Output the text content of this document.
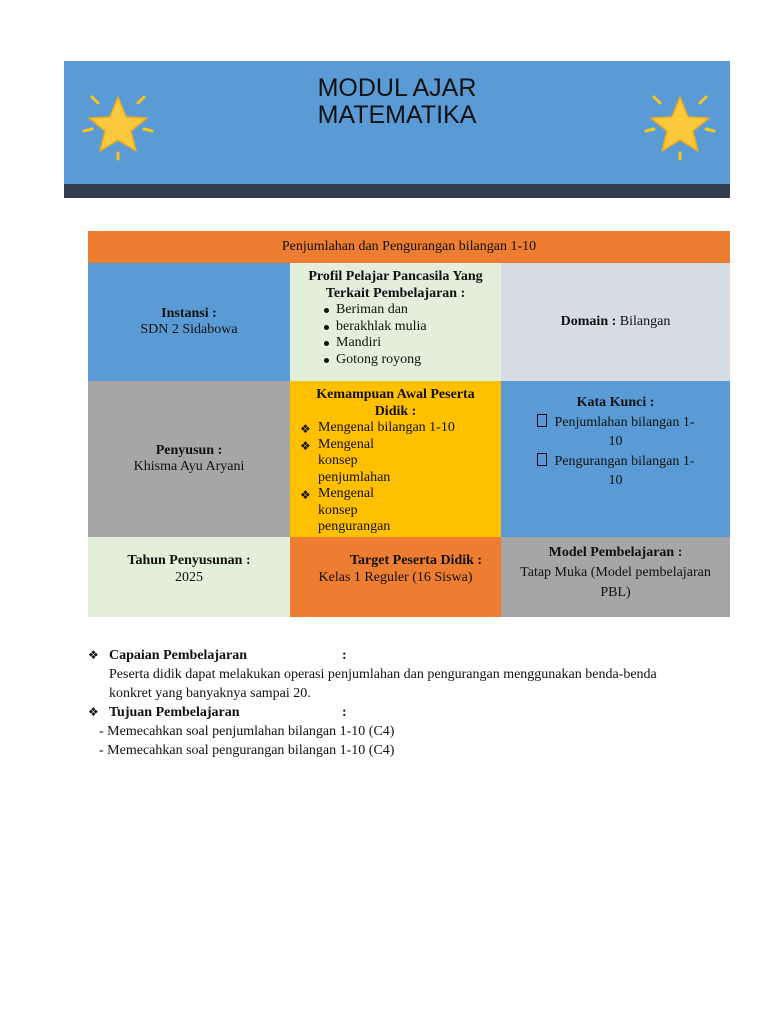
MODUL AJAR
MATEMATIKA
Penjumlahan dan Pengurangan bilangan 1-10
Instansi :
SDN 2 Sidabowa
Profil Pelajar Pancasila Yang
Terkait Pembelajaran :
Beriman dan
berakhlak mulia
Mandiri
Gotong royong
Domain : Bilangan
Penyusun :
Khisma Ayu Aryani
Kemampuan Awal Peserta
Didik :
❖ Mengenal bilangan 1-10
❖ Mengenal
konsep
penjumlahan
❖ Mengenal
konsep
pengurangan
Kata Kunci :
Penjumlahan bilangan 1-
10
Pengurangan bilangan 1-
10
Tahun Penyusunan :
2025
Target Peserta Didik :
Kelas 1 Reguler (16 Siswa)
Model Pembelajaran :
Tatap Muka (Model pembelajaran
PBL)
❖ Capaian Pembelajaran	:
Peserta didik dapat melakukan operasi penjumlahan dan pengurangan menggunakan benda-benda
konkret yang banyaknya sampai 20.
❖ Tujuan Pembelajaran	:
- Memecahkan soal penjumlahan bilangan 1-10 (C4)
- Memecahkan soal pengurangan bilangan 1-10 (C4)
